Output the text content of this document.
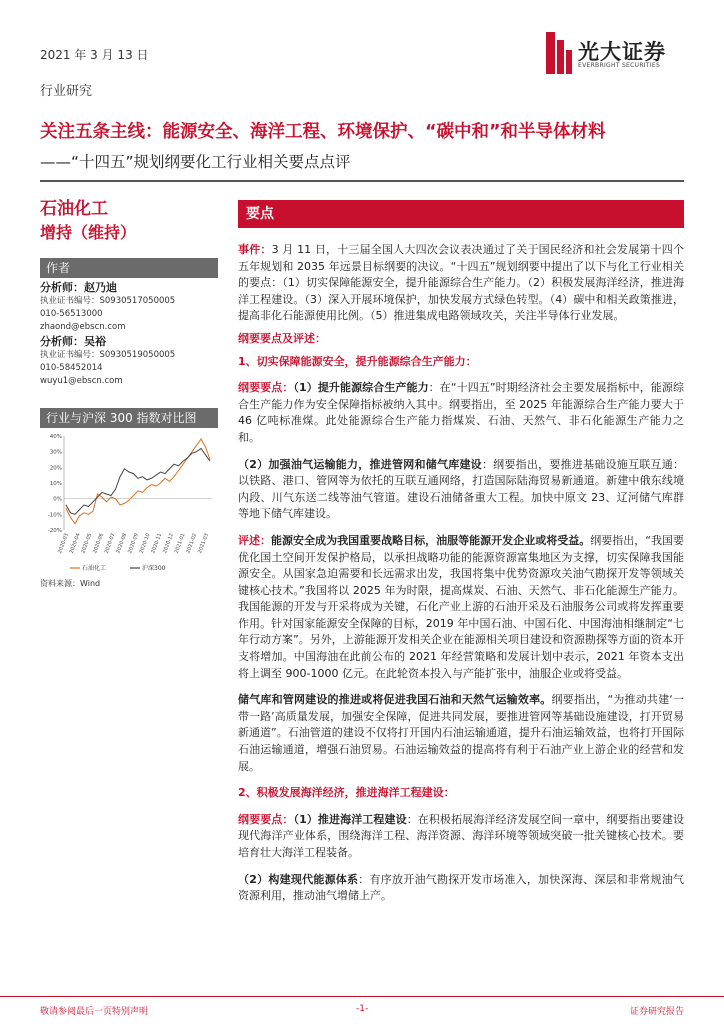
2021 年 3 月 13 日
行业研究
光大证券
EVERBRIGHT SECURITIES
关注五条主线：能源安全、海洋工程、环境保护、“碳中和”和半导体材料
——“十四五”规划纲要化工行业相关要点点评
石油化工
增持（维持）
作者
分析师：赵乃迪
执业证书编号：S0930517050005
010-56513000
zhaond@ebscn.com
分析师：吴裕
执业证书编号：S0930519050005
010-58452014
wuyu1@ebscn.com
行业与沪深 300 指数对比图
40%
30%
20%
10%
0%
-10%
-20%
2020-03
2020-04
2020-05
2020-06
2020-07
2020-08
2020-09
2020-10
2020-11
2020-12
2021-01
2021-02
2021-03
石油化工	沪深300
资料来源：Wind
要点
事件：3 月 11 日，十三届全国人大四次会议表决通过了关于国民经济和社会发展第十四个五年规划和 2035 年远景目标纲要的决议。“十四五”规划纲要中提出了以下与化工行业相关的要点：（1）切实保障能源安全，提升能源综合生产能力。（2）积极发展海洋经济，推进海洋工程建设。（3）深入开展环境保护，加快发展方式绿色转型。（4）碳中和相关政策推进，提高非化石能源使用比例。（5）推进集成电路领域攻关，关注半导体行业发展。
纲要要点及评述：
1、切实保障能源安全，提升能源综合生产能力：
纲要要点：（1）提升能源综合生产能力：在“十四五”时期经济社会主要发展指标中，能源综合生产能力作为安全保障指标被纳入其中。纲要指出，至 2025 年能源综合生产能力要大于 46 亿吨标准煤。此处能源综合生产能力指煤炭、石油、天然气、非石化能源生产能力之和。
（2）加强油气运输能力，推进管网和储气库建设：纲要指出，要推进基础设施互联互通：以铁路、港口、管网等为依托的互联互通网络，打造国际陆海贸易新通道。新建中俄东线境内段、川气东送二线等油气管道。建设石油储备重大工程。加快中原文 23、辽河储气库群等地下储气库建设。
评述：能源安全成为我国重要战略目标，油服等能源开发企业或将受益。纲要指出，“我国要优化国土空间开发保护格局，以承担战略功能的能源资源富集地区为支撑，切实保障我国能源安全。从国家急迫需要和长远需求出发，我国将集中优势资源攻关油气勘探开发等领域关键核心技术。”我国将以 2025 年为时限，提高煤炭、石油、天然气、非石化能源生产能力。我国能源的开发与开采将成为关键，石化产业上游的石油开采及石油服务公司或将发挥重要作用。针对国家能源安全保障的目标，2019 年中国石油、中国石化、中国海油相继制定“七年行动方案”。另外，上游能源开发相关企业在能源相关项目建设和资源勘探等方面的资本开支将增加。中国海油在此前公布的 2021 年经营策略和发展计划中表示，2021 年资本支出将上调至 900-1000 亿元。在此轮资本投入与产能扩张中，油服企业或将受益。
储气库和管网建设的推进或将促进我国石油和天然气运输效率。纲要指出，“为推动共建‘一带一路’高质量发展，加强安全保障，促进共同发展，要推进管网等基础设施建设，打开贸易新通道”。石油管道的建设不仅将打开国内石油运输通道，提升石油运输效益，也将打开国际石油运输通道，增强石油贸易。石油运输效益的提高将有利于石油产业上游企业的经营和发展。
2、积极发展海洋经济，推进海洋工程建设：
纲要要点：（1）推进海洋工程建设：在积极拓展海洋经济发展空间一章中，纲要指出要建设现代海洋产业体系，围绕海洋工程、海洋资源、海洋环境等领域突破一批关键核心技术。要培育壮大海洋工程装备。
（2）构建现代能源体系：有序放开油气勘探开发市场准入，加快深海、深层和非常规油气资源利用，推动油气增储上产。
敬请参阅最后一页特别声明	-1-	证券研究报告
